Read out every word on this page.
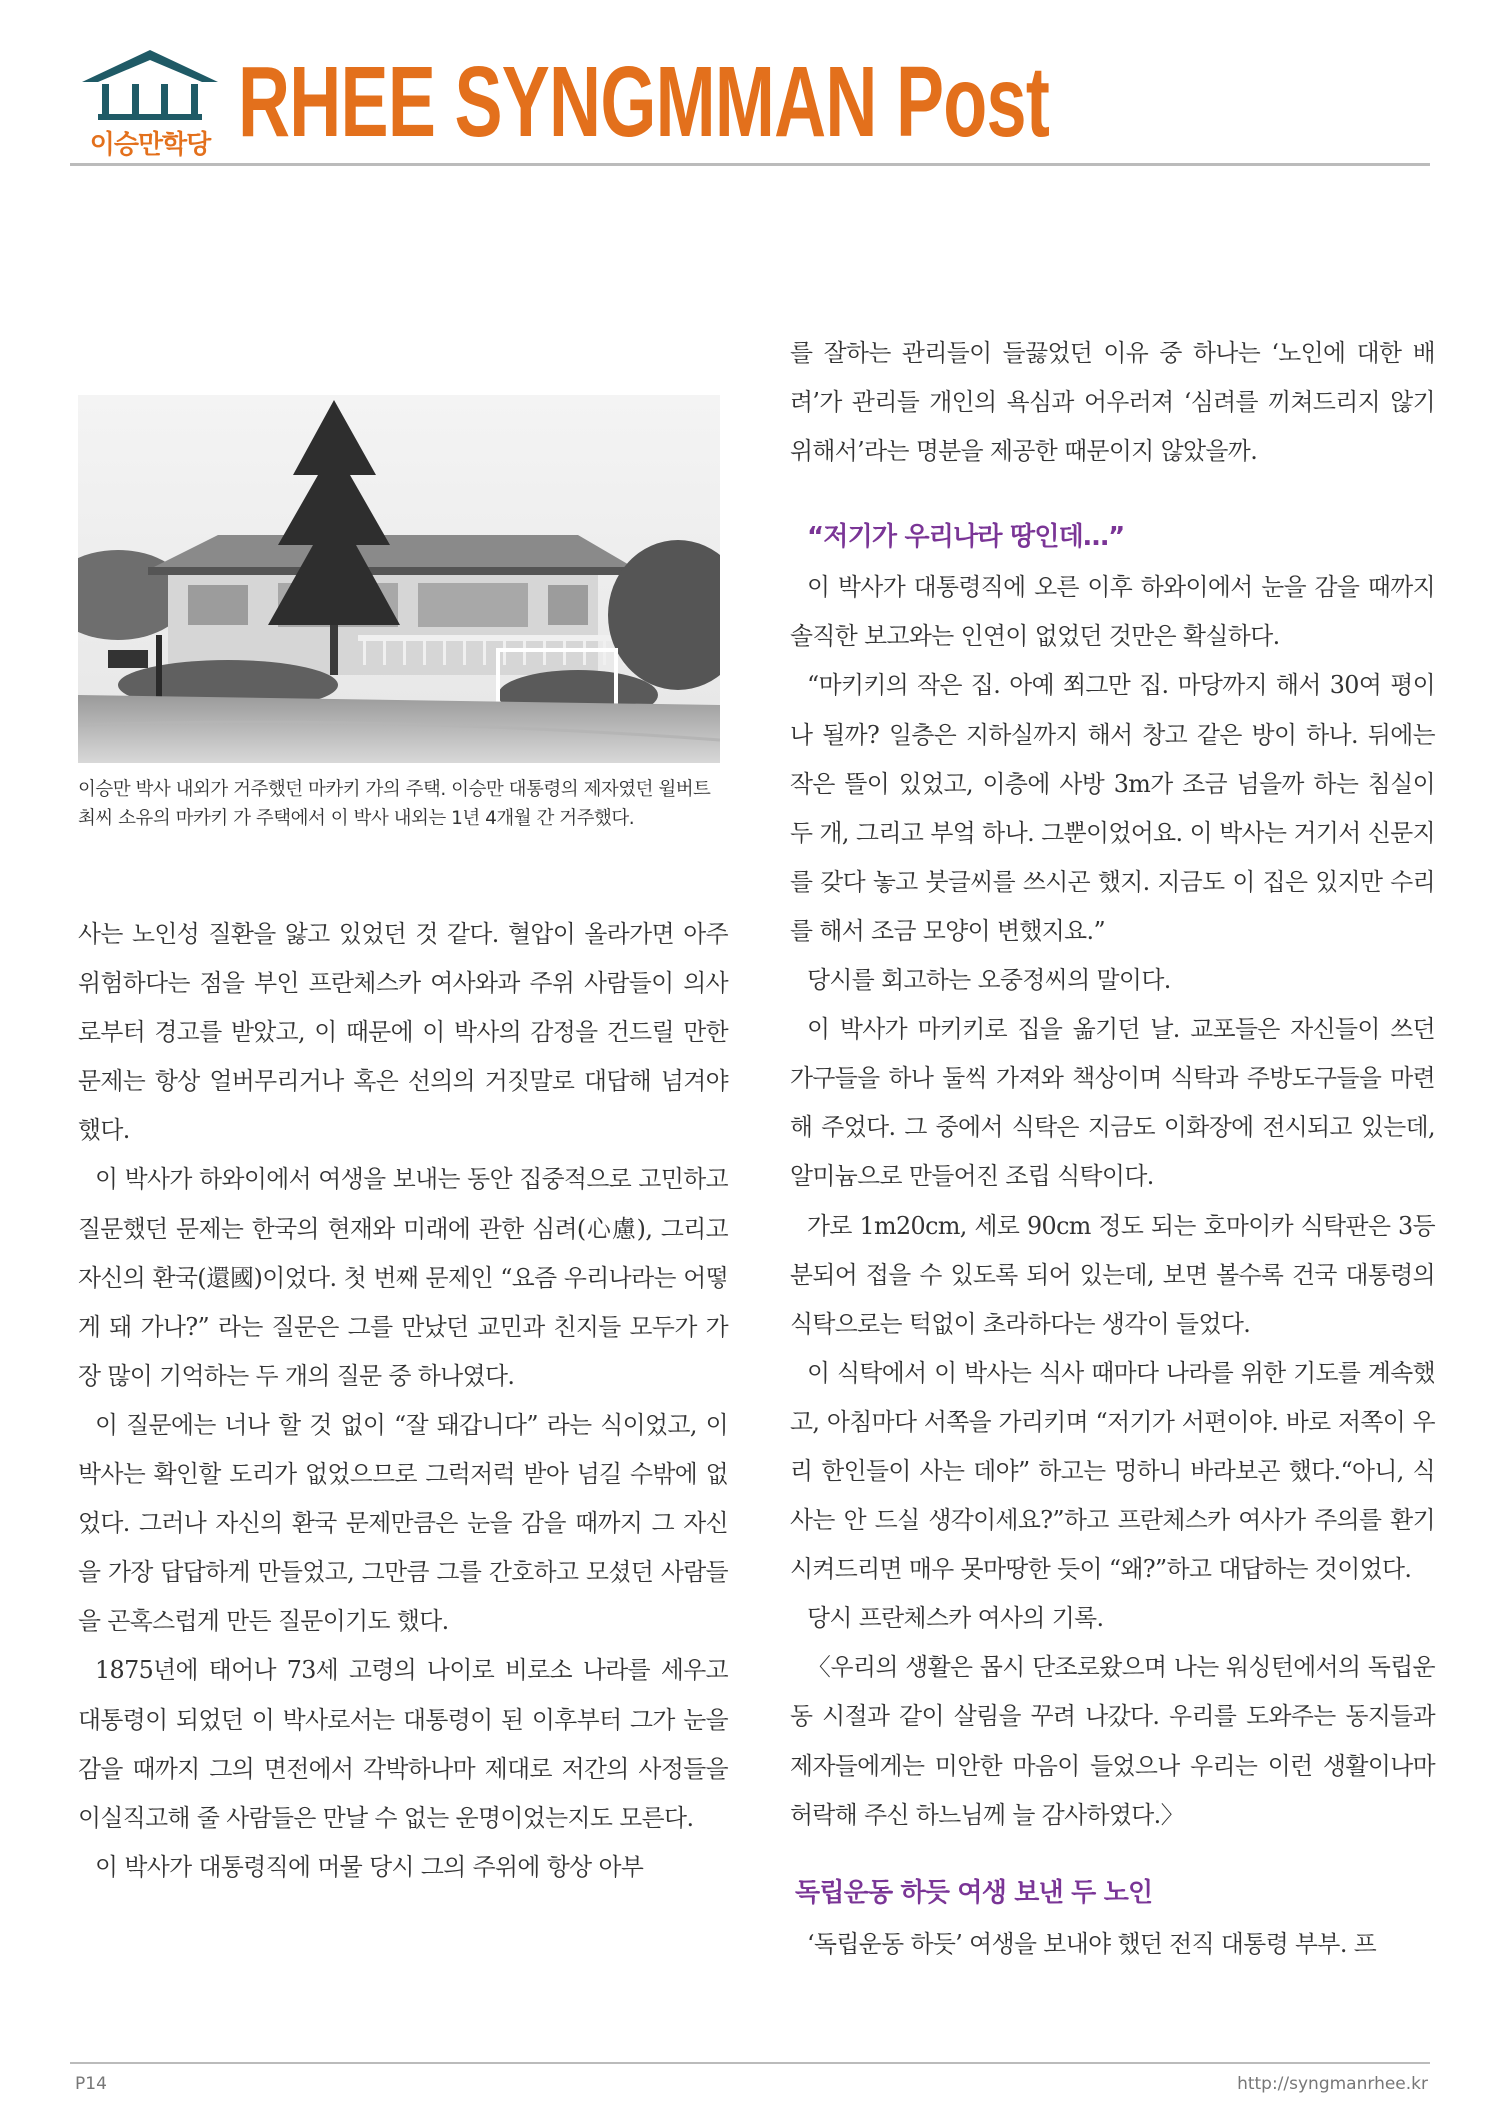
이승만학당 RHEE SYNGMMAN Post
이승만 박사 내외가 거주했던 마카키 가의 주택. 이승만 대통령의 제자였던 윌버트 최씨 소유의 마카키 가 주택에서 이 박사 내외는 1년 4개월 간 거주했다.

사는 노인성 질환을 앓고 있었던 것 같다. 혈압이 올라가면 아주 위험하다는 점을 부인 프란체스카 여사와과 주위 사람들이 의사로부터 경고를 받았고, 이 때문에 이 박사의 감정을 건드릴 만한 문제는 항상 얼버무리거나 혹은 선의의 거짓말로 대답해 넘겨야 했다.

이 박사가 하와이에서 여생을 보내는 동안 집중적으로 고민하고 질문했던 문제는 한국의 현재와 미래에 관한 심려(心慮), 그리고 자신의 환국(還國)이었다. 첫 번째 문제인 “요즘 우리나라는 어떻게 돼 가나?” 라는 질문은 그를 만났던 교민과 친지들 모두가 가장 많이 기억하는 두 개의 질문 중 하나였다.

이 질문에는 너나 할 것 없이 “잘 돼갑니다” 라는 식이었고, 이 박사는 확인할 도리가 없었으므로 그럭저럭 받아 넘길 수밖에 없었다. 그러나 자신의 환국 문제만큼은 눈을 감을 때까지 그 자신을 가장 답답하게 만들었고, 그만큼 그를 간호하고 모셨던 사람들을 곤혹스럽게 만든 질문이기도 했다.

1875년에 태어나 73세 고령의 나이로 비로소 나라를 세우고 대통령이 되었던 이 박사로서는 대통령이 된 이후부터 그가 눈을 감을 때까지 그의 면전에서 각박하나마 제대로 저간의 사정들을 이실직고해 줄 사람들은 만날 수 없는 운명이었는지도 모른다.

이 박사가 대통령직에 머물 당시 그의 주위에 항상 아부

를 잘하는 관리들이 들끓었던 이유 중 하나는 ‘노인에 대한 배려’가 관리들 개인의 욕심과 어우러져 ‘심려를 끼쳐드리지 않기 위해서’라는 명분을 제공한 때문이지 않았을까.

“저기가 우리나라 땅인데…”

이 박사가 대통령직에 오른 이후 하와이에서 눈을 감을 때까지 솔직한 보고와는 인연이 없었던 것만은 확실하다.

“마키키의 작은 집. 아예 쬐그만 집. 마당까지 해서 30여 평이나 될까? 일층은 지하실까지 해서 창고 같은 방이 하나. 뒤에는 작은 뜰이 있었고, 이층에 사방 3m가 조금 넘을까 하는 침실이 두 개, 그리고 부엌 하나. 그뿐이었어요. 이 박사는 거기서 신문지를 갖다 놓고 붓글씨를 쓰시곤 했지. 지금도 이 집은 있지만 수리를 해서 조금 모양이 변했지요.”

당시를 회고하는 오중정씨의 말이다.

이 박사가 마키키로 집을 옮기던 날. 교포들은 자신들이 쓰던 가구들을 하나 둘씩 가져와 책상이며 식탁과 주방도구들을 마련해 주었다. 그 중에서 식탁은 지금도 이화장에 전시되고 있는데, 알미늄으로 만들어진 조립 식탁이다.

가로 1m20cm, 세로 90cm 정도 되는 호마이카 식탁판은 3등분되어 접을 수 있도록 되어 있는데, 보면 볼수록 건국 대통령의 식탁으로는 턱없이 초라하다는 생각이 들었다.

이 식탁에서 이 박사는 식사 때마다 나라를 위한 기도를 계속했고, 아침마다 서쪽을 가리키며 “저기가 서편이야. 바로 저쪽이 우리 한인들이 사는 데야” 하고는 멍하니 바라보곤 했다.“아니, 식사는 안 드실 생각이세요?”하고 프란체스카 여사가 주의를 환기시켜드리면 매우 못마땅한 듯이 “왜?”하고 대답하는 것이었다.

당시 프란체스카 여사의 기록.

〈우리의 생활은 몹시 단조로왔으며 나는 워싱턴에서의 독립운동 시절과 같이 살림을 꾸려 나갔다. 우리를 도와주는 동지들과 제자들에게는 미안한 마음이 들었으나 우리는 이런 생활이나마 허락해 주신 하느님께 늘 감사하였다.〉

독립운동 하듯 여생 보낸 두 노인

‘독립운동 하듯’ 여생을 보내야 했던 전직 대통령 부부. 프

P14	http://syngmanrhee.kr
